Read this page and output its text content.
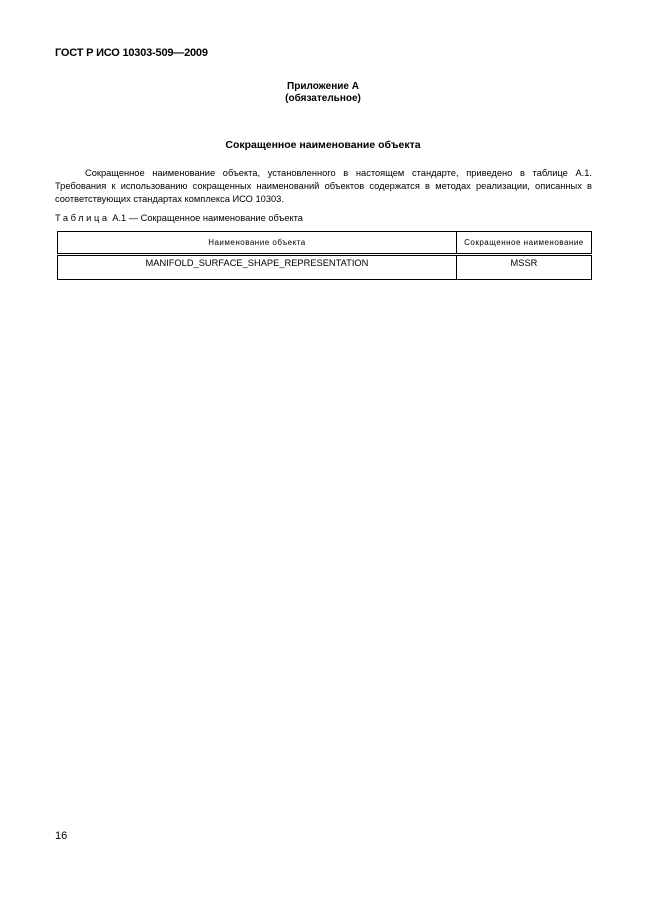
ГОСТ Р ИСО 10303-509—2009
Приложение А
(обязательное)
Сокращенное наименование объекта

Сокращенное наименование объекта, установленного в настоящем стандарте, приведено в таблице А.1. Требования к использованию сокращенных наименований объектов содержатся в методах реализации, описанных в соответствующих стандартах комплекса ИСО 10303.

Таблица А.1 — Сокращенное наименование объекта
Наименование объекта	Сокращенное наименование
MANIFOLD_SURFACE_SHAPE_REPRESENTATION	MSSR
16
